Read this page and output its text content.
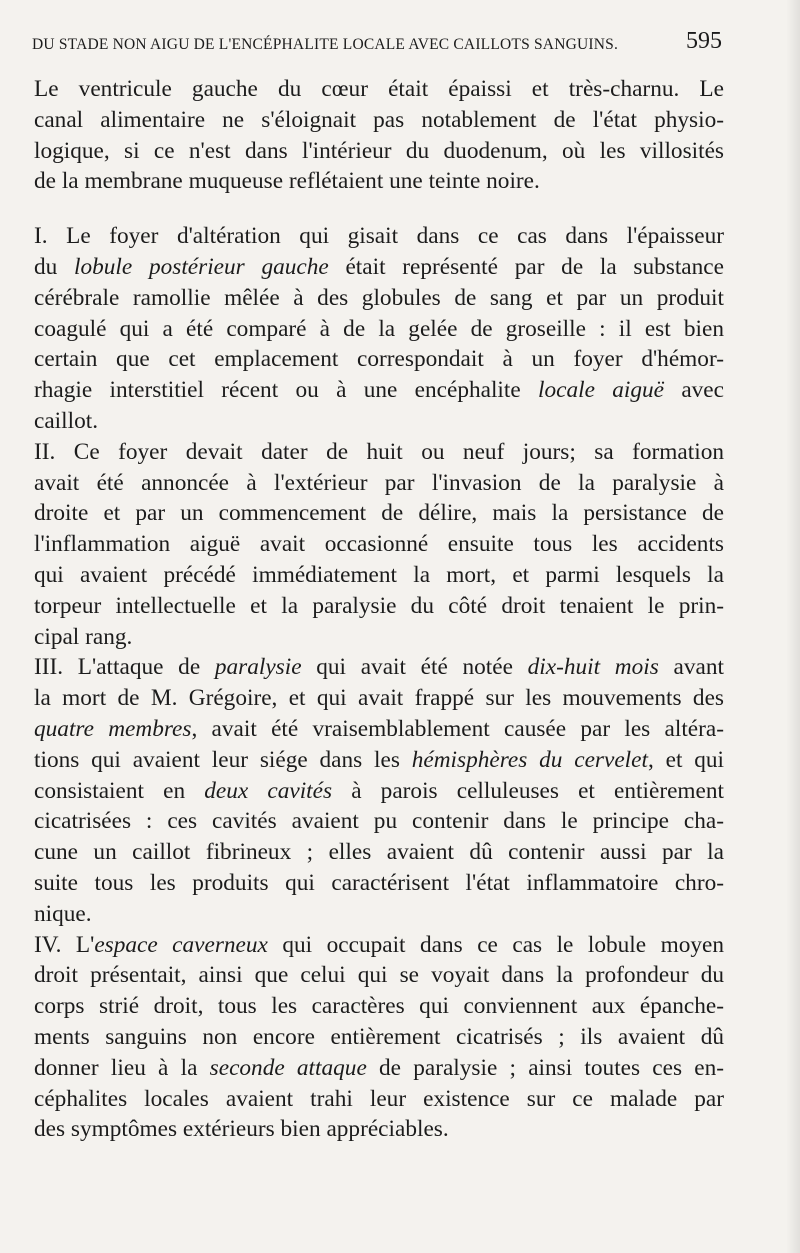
DU STADE NON AIGU DE L'ENCÉPHALITE LOCALE AVEC CAILLOTS SANGUINS.	595
Le ventricule gauche du cœur était épaissi et très-charnu. Le
canal alimentaire ne s'éloignait pas notablement de l'état physio-
logique, si ce n'est dans l'intérieur du duodenum, où les villosités
de la membrane muqueuse reflétaient une teinte noire.
I. Le foyer d'altération qui gisait dans ce cas dans l'épaisseur
du lobule postérieur gauche était représenté par de la substance
cérébrale ramollie mêlée à des globules de sang et par un produit
coagulé qui a été comparé à de la gelée de groseille : il est bien
certain que cet emplacement correspondait à un foyer d'hémor-
rhagie interstitiel récent ou à une encéphalite locale aiguë avec
caillot.
II. Ce foyer devait dater de huit ou neuf jours; sa formation
avait été annoncée à l'extérieur par l'invasion de la paralysie à
droite et par un commencement de délire, mais la persistance de
l'inflammation aiguë avait occasionné ensuite tous les accidents
qui avaient précédé immédiatement la mort, et parmi lesquels la
torpeur intellectuelle et la paralysie du côté droit tenaient le prin-
cipal rang.
III. L'attaque de paralysie qui avait été notée dix-huit mois avant
la mort de M. Grégoire, et qui avait frappé sur les mouvements des
quatre membres, avait été vraisemblablement causée par les altéra-
tions qui avaient leur siége dans les hémisphères du cervelet, et qui
consistaient en deux cavités à parois celluleuses et entièrement
cicatrisées : ces cavités avaient pu contenir dans le principe cha-
cune un caillot fibrineux ; elles avaient dû contenir aussi par la
suite tous les produits qui caractérisent l'état inflammatoire chro-
nique.
IV. L'espace caverneux qui occupait dans ce cas le lobule moyen
droit présentait, ainsi que celui qui se voyait dans la profondeur du
corps strié droit, tous les caractères qui conviennent aux épanche-
ments sanguins non encore entièrement cicatrisés ; ils avaient dû
donner lieu à la seconde attaque de paralysie ; ainsi toutes ces en-
céphalites locales avaient trahi leur existence sur ce malade par
des symptômes extérieurs bien appréciables.
